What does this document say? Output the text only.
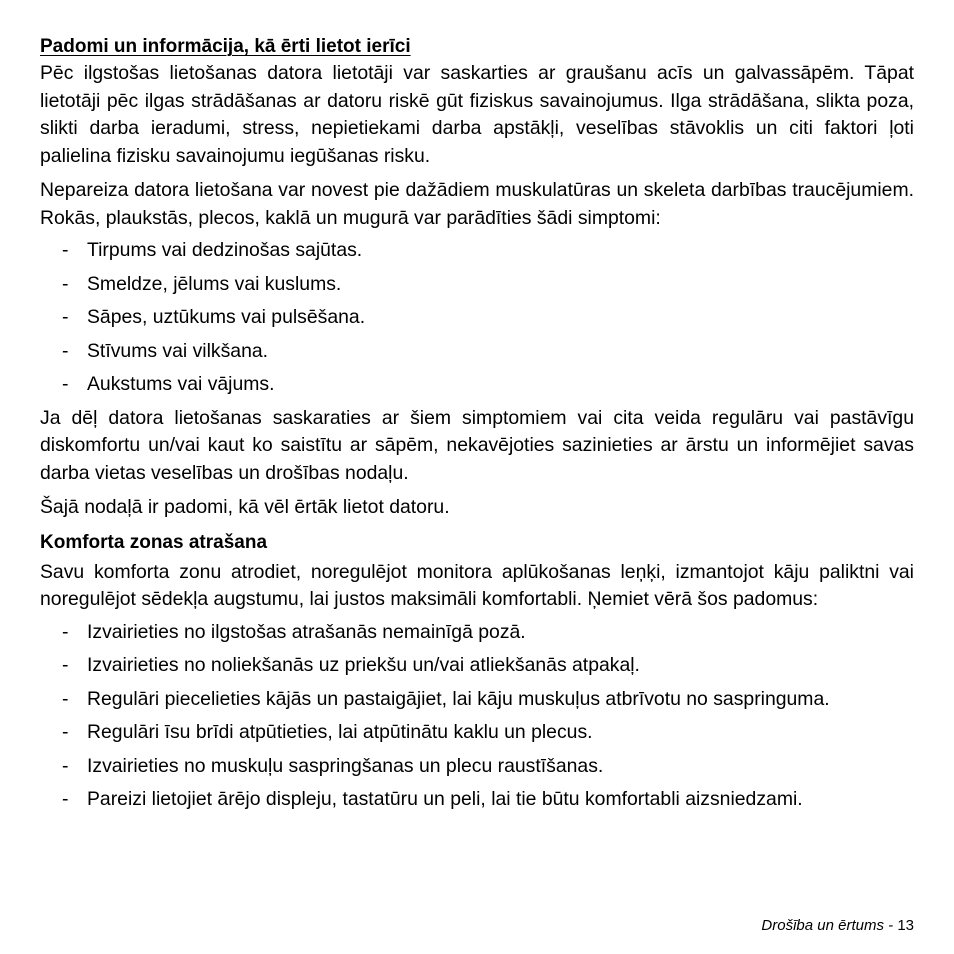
Padomi un informācija, kā ērti lietot ierīci

Pēc ilgstošas lietošanas datora lietotāji var saskarties ar graušanu acīs un galvassāpēm. Tāpat lietotāji pēc ilgas strādāšanas ar datoru riskē gūt fiziskus savainojumus. Ilga strādāšana, slikta poza, slikti darba ieradumi, stress, nepietiekami darba apstākļi, veselības stāvoklis un citi faktori ļoti palielina fizisku savainojumu iegūšanas risku.

Nepareiza datora lietošana var novest pie dažādiem muskulatūras un skeleta darbības traucējumiem. Rokās, plaukstās, plecos, kaklā un mugurā var parādīties šādi simptomi:

- Tirpums vai dedzinošas sajūtas.
- Smeldze, jēlums vai kuslums.
- Sāpes, uztūkums vai pulsēšana.
- Stīvums vai vilkšana.
- Aukstums vai vājums.

Ja dēļ datora lietošanas saskaraties ar šiem simptomiem vai cita veida regulāru vai pastāvīgu diskomfortu un/vai kaut ko saistītu ar sāpēm, nekavējoties sazinieties ar ārstu un informējiet savas darba vietas veselības un drošības nodaļu.

Šajā nodaļā ir padomi, kā vēl ērtāk lietot datoru.

Komforta zonas atrašana

Savu komforta zonu atrodiet, noregulējot monitora aplūkošanas leņķi, izmantojot kāju paliktni vai noregulējot sēdekļa augstumu, lai justos maksimāli komfortabli. Ņemiet vērā šos padomus:

- Izvairieties no ilgstošas atrašanās nemainīgā pozā.
- Izvairieties no noliekšanās uz priekšu un/vai atliekšanās atpakaļ.
- Regulāri piecelieties kājās un pastaigājiet, lai kāju muskuļus atbrīvotu no saspringuma.
- Regulāri īsu brīdi atpūtieties, lai atpūtinātu kaklu un plecus.
- Izvairieties no muskuļu saspringšanas un plecu raustīšanas.
- Pareizi lietojiet ārējo displeju, tastatūru un peli, lai tie būtu komfortabli aizsniedzami.
Drošība un ērtums - 13
